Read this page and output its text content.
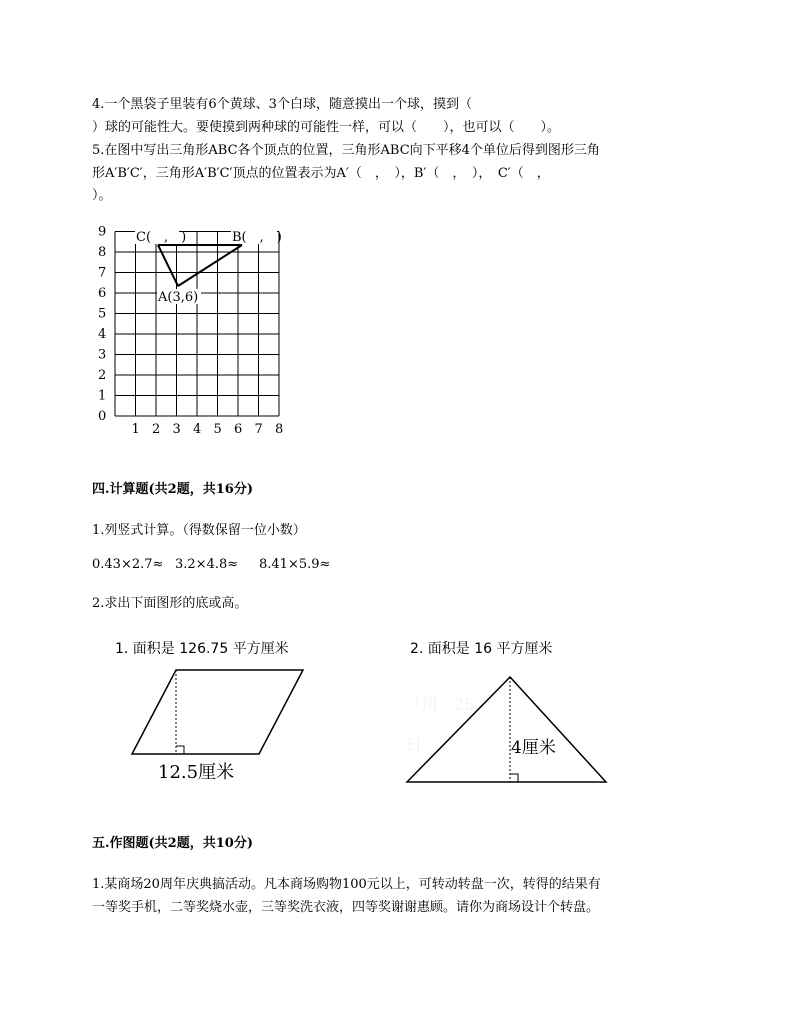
4.一个黑袋子里装有6个黄球、3个白球，随意摸出一个球，摸到（
）球的可能性大。要使摸到两种球的可能性一样，可以（　　），也可以（　　）。
5.在图中写出三角形ABC各个顶点的位置，三角形ABC向下平移4个单位后得到图形三角
形A′B′C′，三角形A′B′C′顶点的位置表示为A′（　，　），B′（　，　），　C′（　，
）。
9
8
7
6
5
4
3
2
1
0
1 2 3 4 5 6 7 8
C(　,　)	B(　,　)
A(3,6)
四.计算题(共2题，共16分)
1.列竖式计算。（得数保留一位小数）
0.43×2.7≈ 3.2×4.8≈ 8.41×5.9≈
2.求出下面图形的底或高。
1. 面积是 126.75 平方厘米	2. 面积是 16 平方厘米
12.5厘米
「用　25
日	4厘米
五.作图题(共2题，共10分)
1.某商场20周年庆典搞活动。凡本商场购物100元以上，可转动转盘一次，转得的结果有
一等奖手机，二等奖烧水壶，三等奖洗衣液，四等奖谢谢惠顾。请你为商场设计个转盘。
